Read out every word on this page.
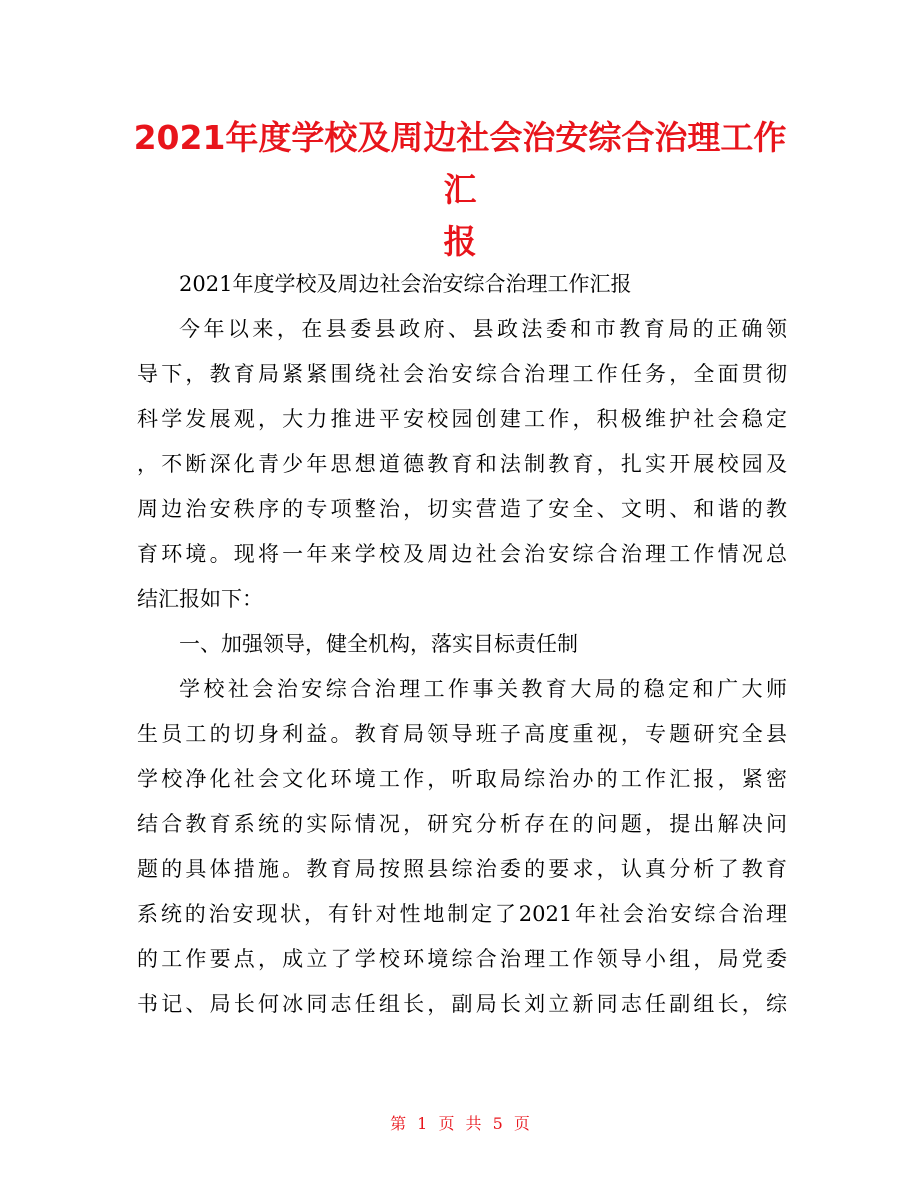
2021年度学校及周边社会治安综合治理工作汇
报
2021年度学校及周边社会治安综合治理工作汇报
今年以来，在县委县政府、县政法委和市教育局的正确领
导下，教育局紧紧围绕社会治安综合治理工作任务，全面贯彻
科学发展观，大力推进平安校园创建工作，积极维护社会稳定
，不断深化青少年思想道德教育和法制教育，扎实开展校园及
周边治安秩序的专项整治，切实营造了安全、文明、和谐的教
育环境。现将一年来学校及周边社会治安综合治理工作情况总
结汇报如下：
一、加强领导，健全机构，落实目标责任制
学校社会治安综合治理工作事关教育大局的稳定和广大师
生员工的切身利益。教育局领导班子高度重视，专题研究全县
学校净化社会文化环境工作，听取局综治办的工作汇报，紧密
结合教育系统的实际情况，研究分析存在的问题，提出解决问
题的具体措施。教育局按照县综治委的要求，认真分析了教育
系统的治安现状，有针对性地制定了2021年社会治安综合治理
的工作要点，成立了学校环境综合治理工作领导小组，局党委
书记、局长何冰同志任组长，副局长刘立新同志任副组长，综
第 1 页 共 5 页
